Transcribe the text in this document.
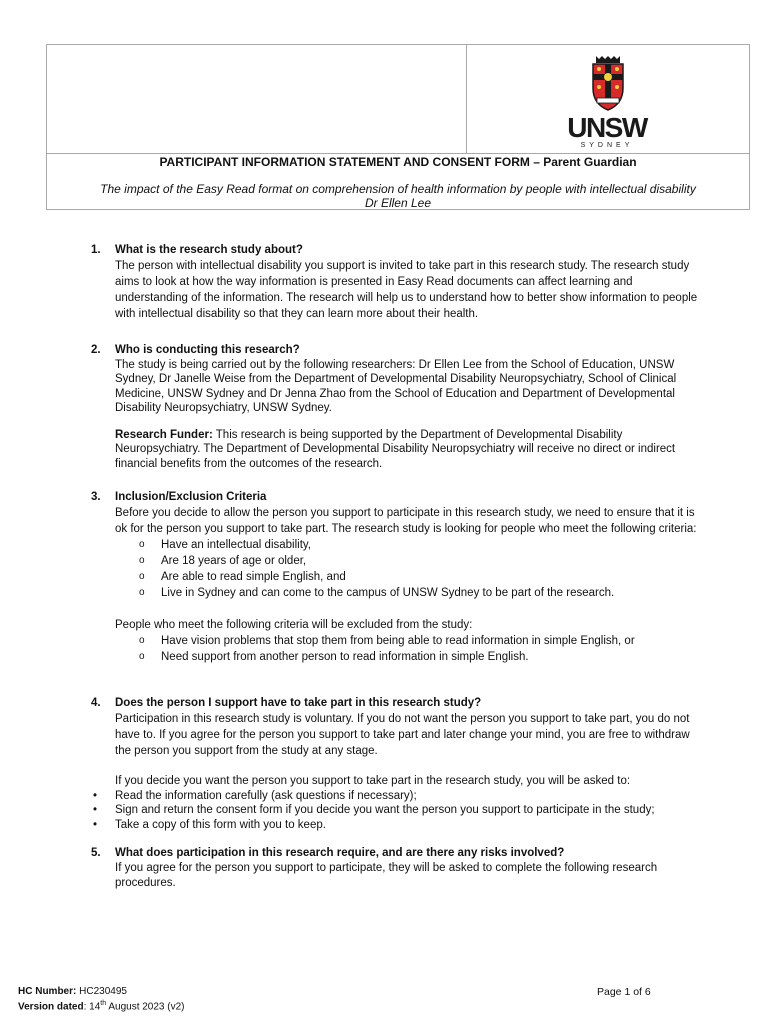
UNSW
SYDNEY
PARTICIPANT INFORMATION STATEMENT AND CONSENT FORM – Parent Guardian
The impact of the Easy Read format on comprehension of health information by people with intellectual disability
Dr Ellen Lee
1. What is the research study about?

The person with intellectual disability you support is invited to take part in this research study. The research study aims to look at how the way information is presented in Easy Read documents can affect learning and understanding of the information. The research will help us to understand how to better show information to people with intellectual disability so that they can learn more about their health.

2. Who is conducting this research?

The study is being carried out by the following researchers: Dr Ellen Lee from the School of Education, UNSW Sydney, Dr Janelle Weise from the Department of Developmental Disability Neuropsychiatry, School of Clinical Medicine, UNSW Sydney and Dr Jenna Zhao from the School of Education and Department of Developmental Disability Neuropsychiatry, UNSW Sydney.

Research Funder: This research is being supported by the Department of Developmental Disability Neuropsychiatry. The Department of Developmental Disability Neuropsychiatry will receive no direct or indirect financial benefits from the outcomes of the research.

3. Inclusion/Exclusion Criteria

Before you decide to allow the person you support to participate in this research study, we need to ensure that it is ok for the person you support to take part. The research study is looking for people who meet the following criteria:

o Have an intellectual disability,
o Are 18 years of age or older,
o Are able to read simple English, and
o Live in Sydney and can come to the campus of UNSW Sydney to be part of the research.

People who meet the following criteria will be excluded from the study:

o Have vision problems that stop them from being able to read information in simple English, or
o Need support from another person to read information in simple English.
4. Does the person I support have to take part in this research study?

Participation in this research study is voluntary. If you do not want the person you support to take part, you do not have to. If you agree for the person you support to take part and later change your mind, you are free to withdraw the person you support from the study at any stage.

If you decide you want the person you support to take part in the research study, you will be asked to:

• Read the information carefully (ask questions if necessary);
• Sign and return the consent form if you decide you want the person you support to participate in the study;
• Take a copy of this form with you to keep.
5. What does participation in this research require, and are there any risks involved?

If you agree for the person you support to participate, they will be asked to complete the following research procedures.

HC Number: HC230495
Version dated: 14th August 2023 (v2)
Page 1 of 6
